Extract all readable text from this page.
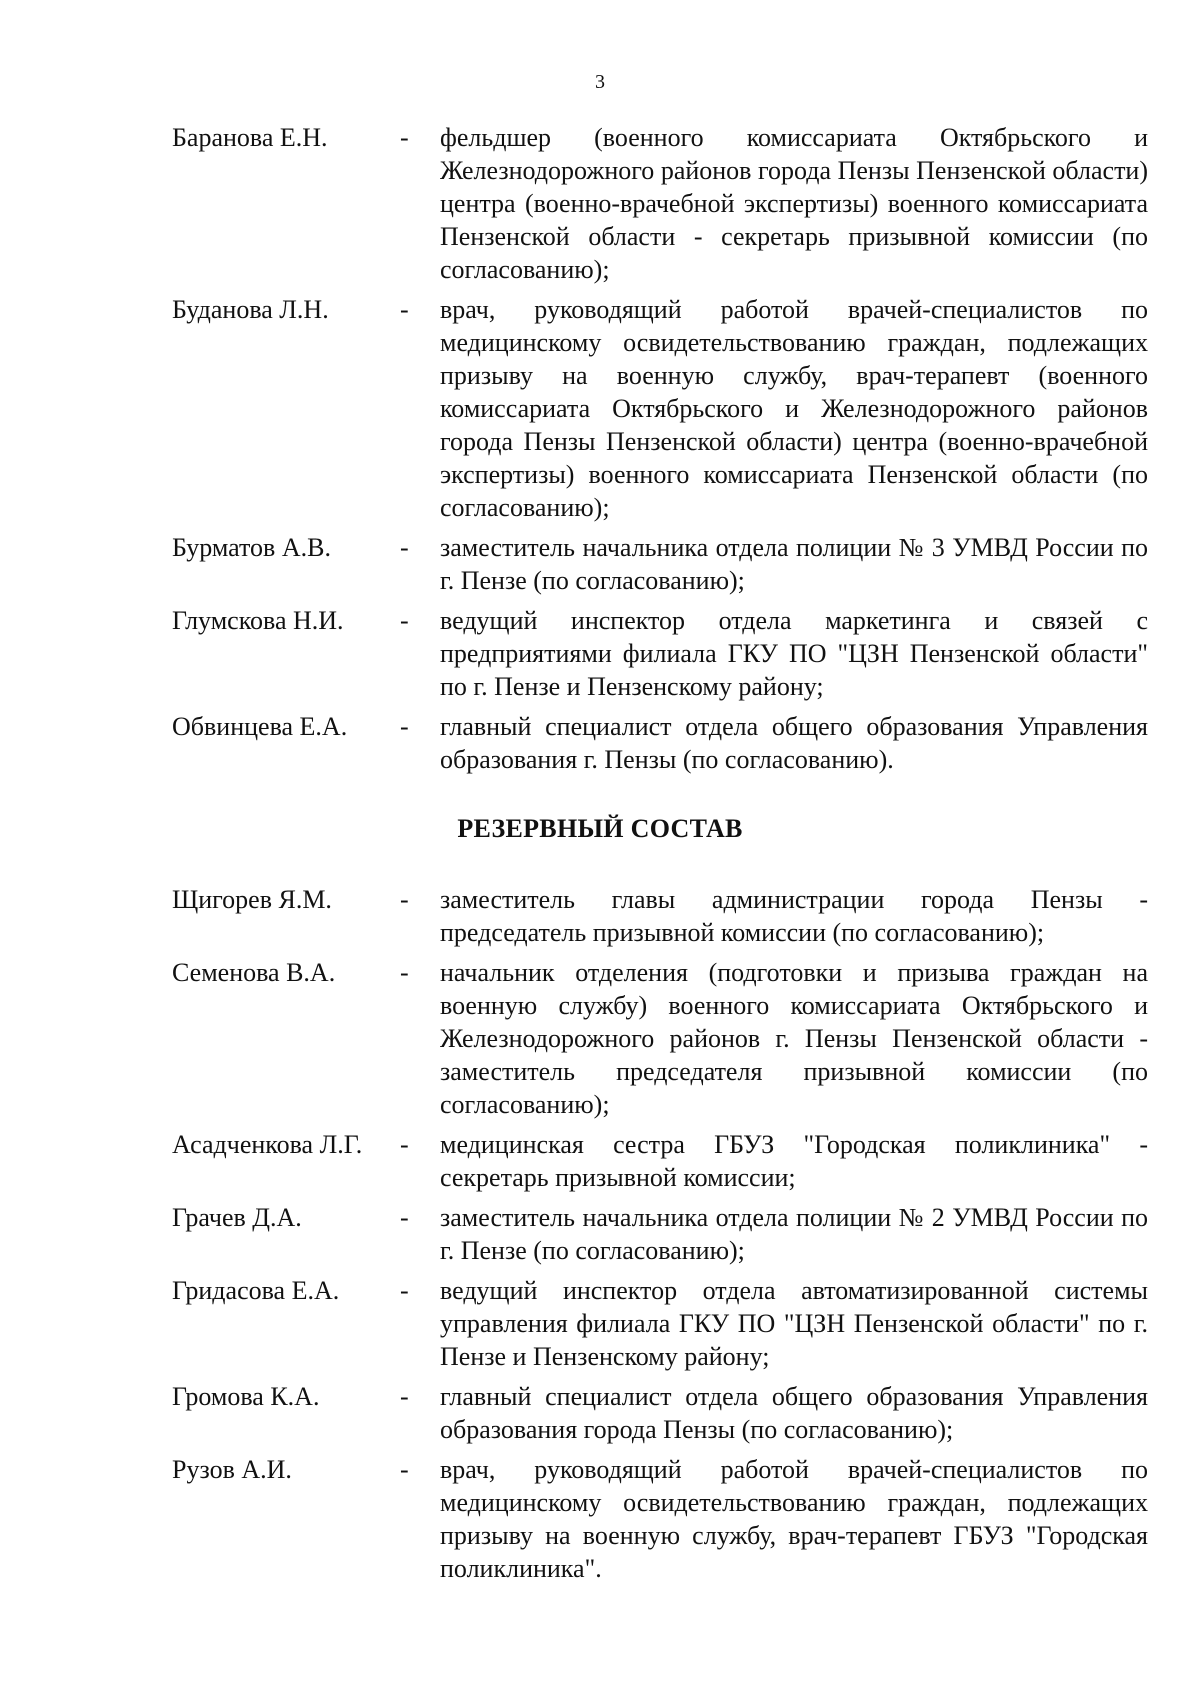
3
Баранова Е.Н.	-	фельдшер (военного комиссариата Октябрьского и Железнодорожного районов города Пензы Пензенской области) центра (военно-врачебной экспертизы) военного комиссариата Пензенской области - секретарь призывной комиссии (по согласованию);
Буданова Л.Н.	-	врач, руководящий работой врачей-специалистов по медицинскому освидетельствованию граждан, подлежащих призыву на военную службу, врач-терапевт (военного комиссариата Октябрьского и Железнодорожного районов города Пензы Пензенской области) центра (военно-врачебной экспертизы) военного комиссариата Пензенской области (по согласованию);
Бурматов А.В.	-	заместитель начальника отдела полиции № 3 УМВД России по г. Пензе (по согласованию);
Глумскова Н.И.	-	ведущий инспектор отдела маркетинга и связей с предприятиями филиала ГКУ ПО "ЦЗН Пензенской области" по г. Пензе и Пензенскому району;
Обвинцева Е.А.	-	главный специалист отдела общего образования Управления образования г. Пензы (по согласованию).
РЕЗЕРВНЫЙ СОСТАВ
Щигорев Я.М.	-	заместитель главы администрации города Пензы - председатель призывной комиссии (по согласованию);
Семенова В.А.	-	начальник отделения (подготовки и призыва граждан на военную службу) военного комиссариата Октябрьского и Железнодорожного районов г. Пензы Пензенской области - заместитель председателя призывной комиссии (по согласованию);
Асадченкова Л.Г.	-	медицинская сестра ГБУЗ "Городская поликлиника" - секретарь призывной комиссии;
Грачев Д.А.	-	заместитель начальника отдела полиции № 2 УМВД России по г. Пензе (по согласованию);
Гридасова Е.А.	-	ведущий инспектор отдела автоматизированной системы управления филиала ГКУ ПО "ЦЗН Пензенской области" по г. Пензе и Пензенскому району;
Громова К.А.	-	главный специалист отдела общего образования Управления образования города Пензы (по согласованию);
Рузов А.И.	-	врач, руководящий работой врачей-специалистов по медицинскому освидетельствованию граждан, подлежащих призыву на военную службу, врач-терапевт ГБУЗ "Городская поликлиника".
